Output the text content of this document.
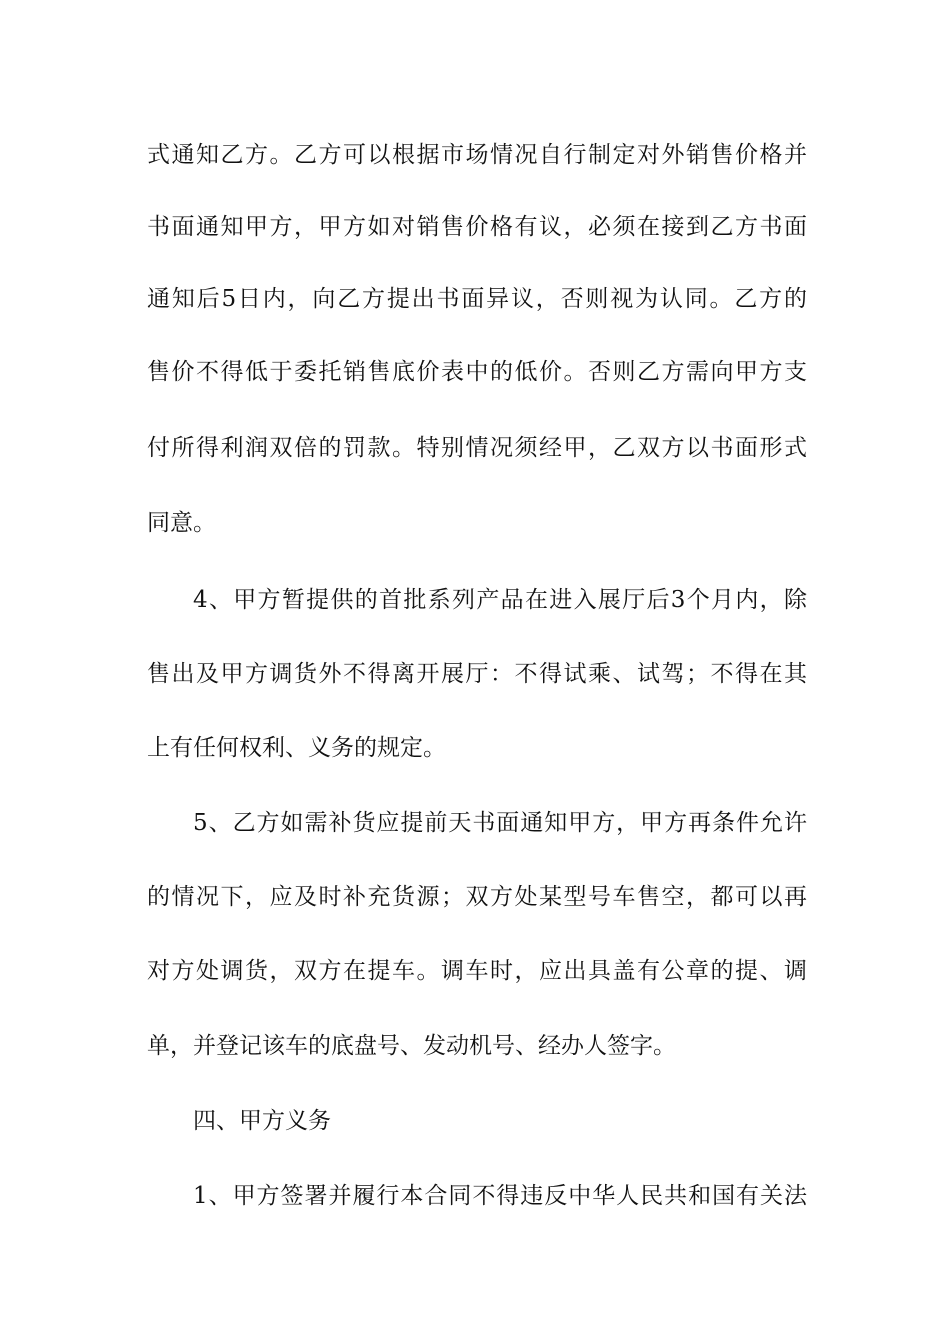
式通知乙方。乙方可以根据市场情况自行制定对外销售价格并
书面通知甲方，甲方如对销售价格有议，必须在接到乙方书面
通知后5日内，向乙方提出书面异议，否则视为认同。乙方的
售价不得低于委托销售底价表中的低价。否则乙方需向甲方支
付所得利润双倍的罚款。特别情况须经甲，乙双方以书面形式
同意。
4、甲方暂提供的首批系列产品在进入展厅后3个月内，除
售出及甲方调货外不得离开展厅：不得试乘、试驾；不得在其
上有任何权利、义务的规定。
5、乙方如需补货应提前天书面通知甲方，甲方再条件允许
的情况下，应及时补充货源；双方处某型号车售空，都可以再
对方处调货，双方在提车。调车时，应出具盖有公章的提、调
单，并登记该车的底盘号、发动机号、经办人签字。
四、甲方义务
1、甲方签署并履行本合同不得违反中华人民共和国有关法
